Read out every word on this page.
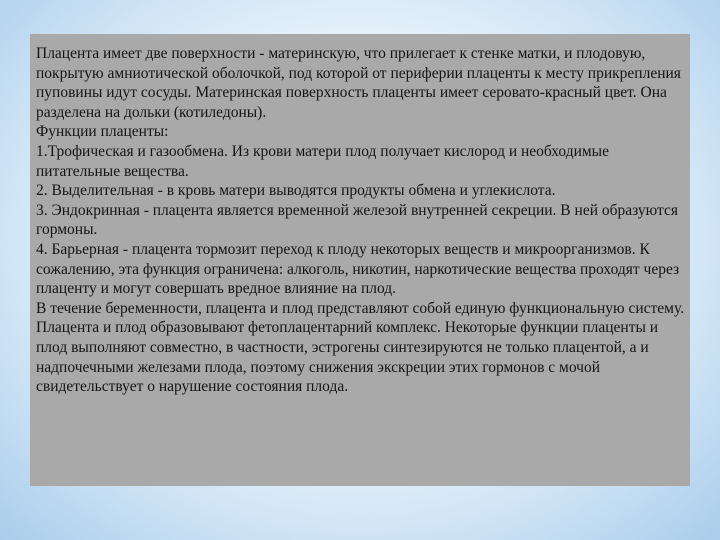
Плацента имеет две поверхности - материнскую, что прилегает к стенке матки, и плодовую, покрытую амниотической оболочкой, под которой от периферии плаценты к месту прикрепления пуповины идут сосуды. Материнская поверхность плаценты имеет серовато-красный цвет. Она разделена на дольки (котиледоны).

Функции плаценты:

1.Трофическая и газообмена. Из крови матери плод получает кислород и необходимые питательные вещества.

2. Выделительная - в кровь матери выводятся продукты обмена и углекислота.

3. Эндокринная - плацента является временной железой внутренней секреции. В ней образуются гормоны.

4. Барьерная - плацента тормозит переход к плоду некоторых веществ и микроорганизмов. К сожалению, эта функция ограничена: алкоголь, никотин, наркотические вещества проходят через плаценту и могут совершать вредное влияние на плод.

В течение беременности, плацента и плод представляют собой единую функциональную систему. Плацента и плод образовывают фетоплацентарний комплекс. Некоторые функции плаценты и плод выполняют совместно, в частности, эстрогены синтезируются не только плацентой, а и надпочечными железами плода, поэтому снижения экскреции этих гормонов с мочой свидетельствует о нарушение состояния плода.
